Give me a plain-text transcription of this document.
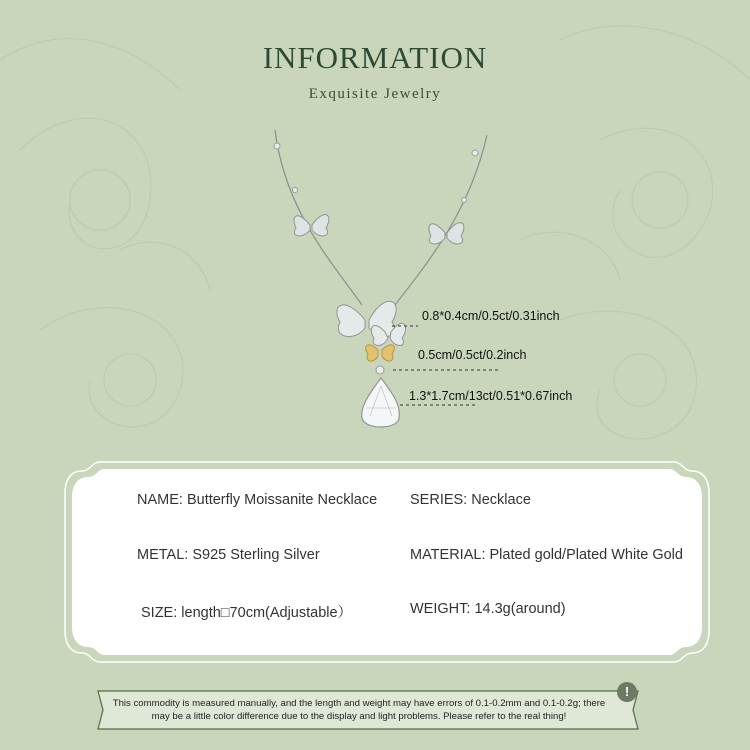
INFORMATION
Exquisite Jewelry
0.8*0.4cm/0.5ct/0.31inch
0.5cm/0.5ct/0.2inch
1.3*1.7cm/13ct/0.51*0.67inch
NAME: Butterfly Moissanite Necklace SERIES: Necklace
METAL: S925 Sterling Silver	MATERIAL: Plated gold/Plated White Gold
SIZE: length□70cm(Adjustable）	WEIGHT: 14.3g(around)
This commodity is measured manually, and the length and weight may have errors of 0.1-0.2mm and 0.1-0.2g; there may be a little color difference due to the display and light problems. Please refer to the real thing!
!
